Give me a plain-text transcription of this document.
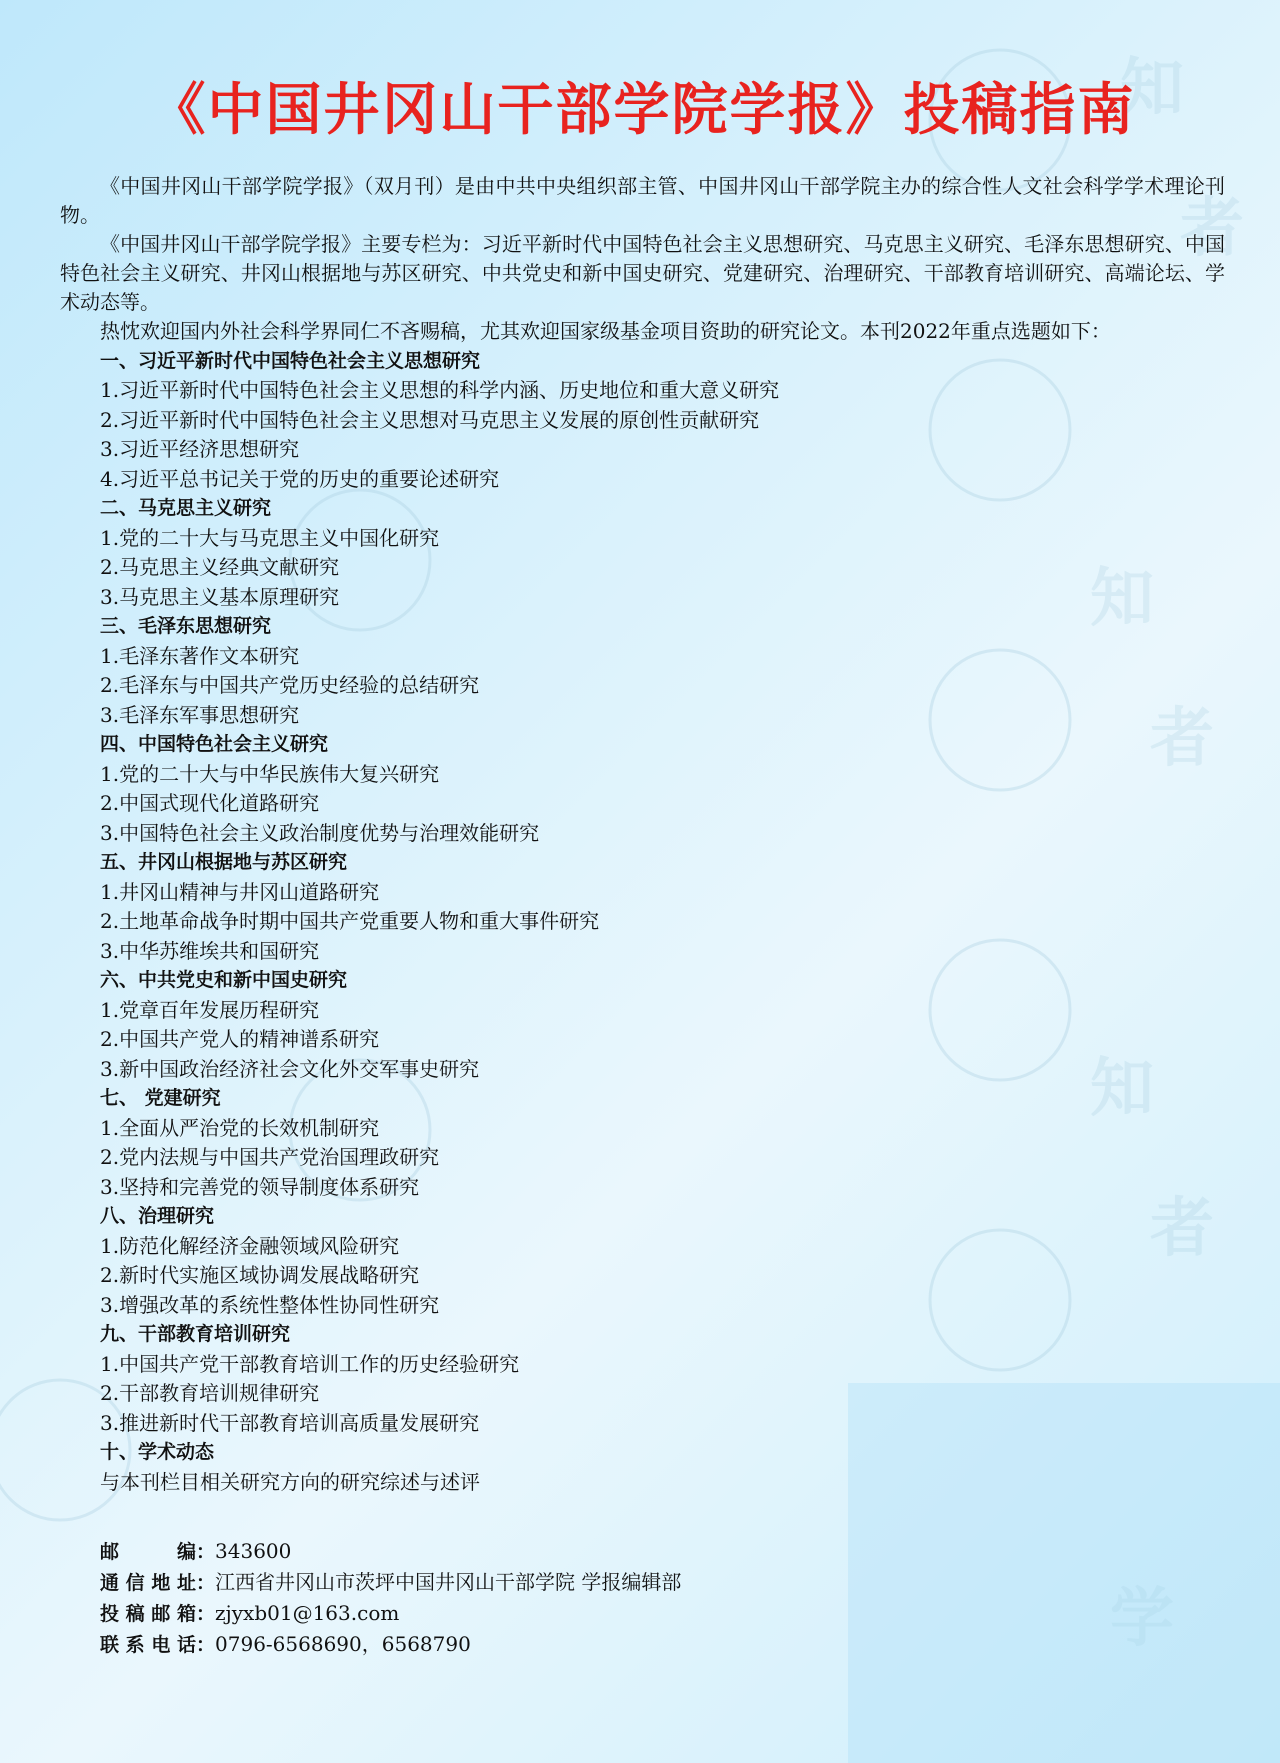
知
者
知
者
知
者
学
《中国井冈山干部学院学报》投稿指南

《中国井冈山干部学院学报》（双月刊）是由中共中央组织部主管、中国井冈山干部学院主办的综合性人文社会科学学术理论刊物。

《中国井冈山干部学院学报》主要专栏为：习近平新时代中国特色社会主义思想研究、马克思主义研究、毛泽东思想研究、中国特色社会主义研究、井冈山根据地与苏区研究、中共党史和新中国史研究、党建研究、治理研究、干部教育培训研究、高端论坛、学术动态等。

热忱欢迎国内外社会科学界同仁不吝赐稿，尤其欢迎国家级基金项目资助的研究论文。本刊2022年重点选题如下：

一、习近平新时代中国特色社会主义思想研究

1.习近平新时代中国特色社会主义思想的科学内涵、历史地位和重大意义研究

2.习近平新时代中国特色社会主义思想对马克思主义发展的原创性贡献研究

3.习近平经济思想研究

4.习近平总书记关于党的历史的重要论述研究

二、马克思主义研究

1.党的二十大与马克思主义中国化研究

2.马克思主义经典文献研究

3.马克思主义基本原理研究

三、毛泽东思想研究

1.毛泽东著作文本研究

2.毛泽东与中国共产党历史经验的总结研究

3.毛泽东军事思想研究

四、中国特色社会主义研究

1.党的二十大与中华民族伟大复兴研究

2.中国式现代化道路研究

3.中国特色社会主义政治制度优势与治理效能研究

五、井冈山根据地与苏区研究

1.井冈山精神与井冈山道路研究

2.土地革命战争时期中国共产党重要人物和重大事件研究

3.中华苏维埃共和国研究

六、中共党史和新中国史研究

1.党章百年发展历程研究

2.中国共产党人的精神谱系研究

3.新中国政治经济社会文化外交军事史研究

七、 党建研究

1.全面从严治党的长效机制研究

2.党内法规与中国共产党治国理政研究

3.坚持和完善党的领导制度体系研究

八、治理研究

1.防范化解经济金融领域风险研究

2.新时代实施区域协调发展战略研究

3.增强改革的系统性整体性协同性研究

九、干部教育培训研究

1.中国共产党干部教育培训工作的历史经验研究

2.干部教育培训规律研究

3.推进新时代干部教育培训高质量发展研究

十、学术动态

与本刊栏目相关研究方向的研究综述与述评

邮编：343600
通信地址：江西省井冈山市茨坪中国井冈山干部学院 学报编辑部
投稿邮箱：zjyxb01@163.com
联系电话：0796-6568690，6568790
